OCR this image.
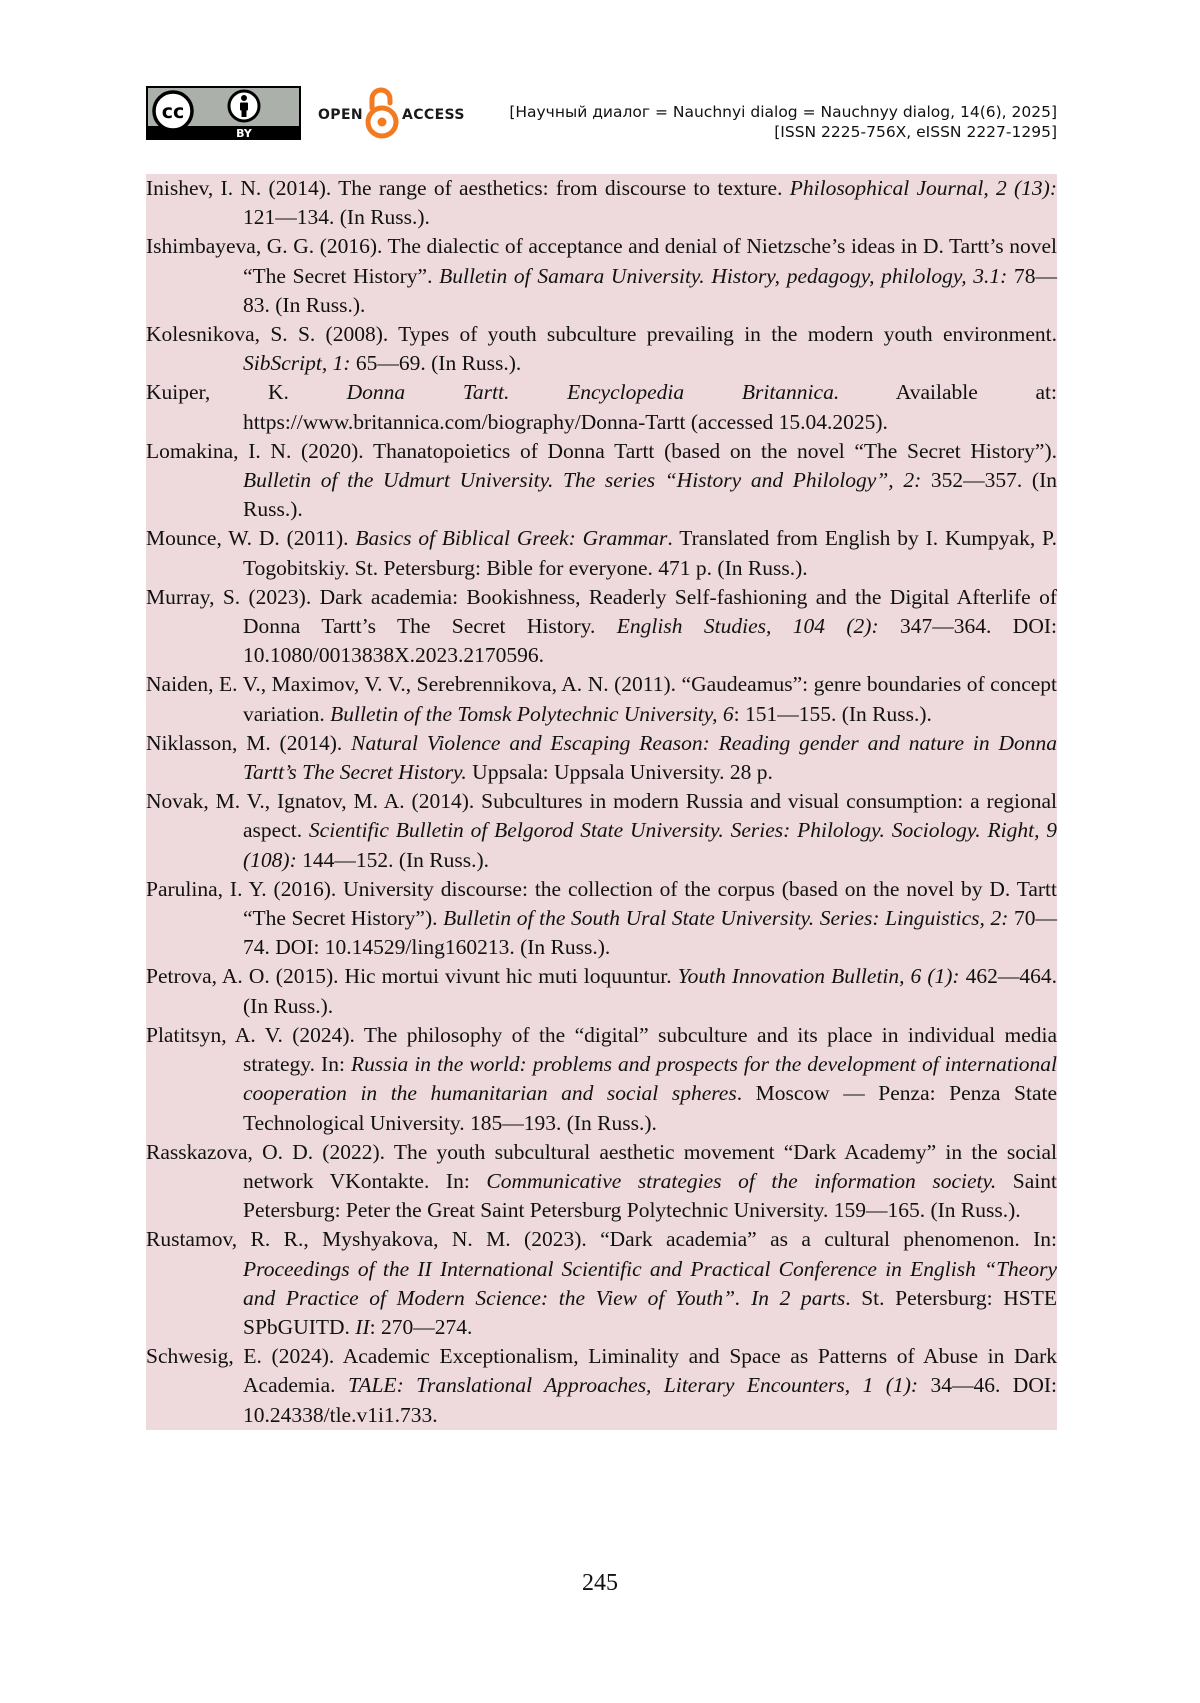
cc
BY
OPEN	ACCESS	[Научный диалог = Nauchnyi dialog = Nauchnyy dialog, 14(6), 2025]
[ISSN 2225-756X, eISSN 2227-1295]

Inishev, I. N. (2014). The range of aesthetics: from discourse to texture. Philosophical Journal, 2 (13): 121—134. (In Russ.).

Ishimbayeva, G. G. (2016). The dialectic of acceptance and denial of Nietzsche’s ideas in D. Tartt’s novel “The Secret History”. Bulletin of Samara University. History, pedagogy, philology, 3.1: 78—83. (In Russ.).

Kolesnikova, S. S. (2008). Types of youth subculture prevailing in the modern youth environment. SibScript, 1: 65—69. (In Russ.).

Kuiper, K. Donna Tartt. Encyclopedia Britannica. Available at: https://www.britannica.com/biography/Donna-Tartt (accessed 15.04.2025).

Lomakina, I. N. (2020). Thanatopoietics of Donna Tartt (based on the novel “The Secret History”). Bulletin of the Udmurt University. The series “History and Philology”, 2: 352—357. (In Russ.).

Mounce, W. D. (2011). Basics of Biblical Greek: Grammar. Translated from English by I. Kumpyak, P. Togobitskiy. St. Petersburg: Bible for everyone. 471 p. (In Russ.).

Murray, S. (2023). Dark academia: Bookishness, Readerly Self-fashioning and the Digital Afterlife of Donna Tartt’s The Secret History. English Studies, 104 (2): 347—364. DOI: 10.1080/0013838X.2023.2170596.

Naiden, E. V., Maximov, V. V., Serebrennikova, A. N. (2011). “Gaudeamus”: genre boundaries of concept variation. Bulletin of the Tomsk Polytechnic University, 6: 151—155. (In Russ.).

Niklasson, M. (2014). Natural Violence and Escaping Reason: Reading gender and nature in Donna Tartt’s The Secret History. Uppsala: Uppsala University. 28 p.

Novak, M. V., Ignatov, M. A. (2014). Subcultures in modern Russia and visual consumption: a regional aspect. Scientific Bulletin of Belgorod State University. Series: Philology. Sociology. Right, 9 (108): 144—152. (In Russ.).

Parulina, I. Y. (2016). University discourse: the collection of the corpus (based on the novel by D. Tartt “The Secret History”). Bulletin of the South Ural State University. Series: Linguistics, 2: 70—74. DOI: 10.14529/ling160213. (In Russ.).

Petrova, A. O. (2015). Hic mortui vivunt hic muti loquuntur. Youth Innovation Bulletin, 6 (1): 462—464. (In Russ.).

Platitsyn, A. V. (2024). The philosophy of the “digital” subculture and its place in individual media strategy. In: Russia in the world: problems and prospects for the development of international cooperation in the humanitarian and social spheres. Moscow — Penza: Penza State Technological University. 185—193. (In Russ.).

Rasskazova, O. D. (2022). The youth subcultural aesthetic movement “Dark Academy” in the social network VKontakte. In: Communicative strategies of the information society. Saint Petersburg: Peter the Great Saint Petersburg Polytechnic University. 159—165. (In Russ.).

Rustamov, R. R., Myshyakova, N. M. (2023). “Dark academia” as a cultural phenomenon. In: Proceedings of the II International Scientific and Practical Conference in English “Theory and Practice of Modern Science: the View of Youth”. In 2 parts. St. Petersburg: HSTE SPbGUITD. II: 270—274.

Schwesig, E. (2024). Academic Exceptionalism, Liminality and Space as Patterns of Abuse in Dark Academia. TALE: Translational Approaches, Literary Encounters, 1 (1): 34—46. DOI: 10.24338/tle.v1i1.733.

245
